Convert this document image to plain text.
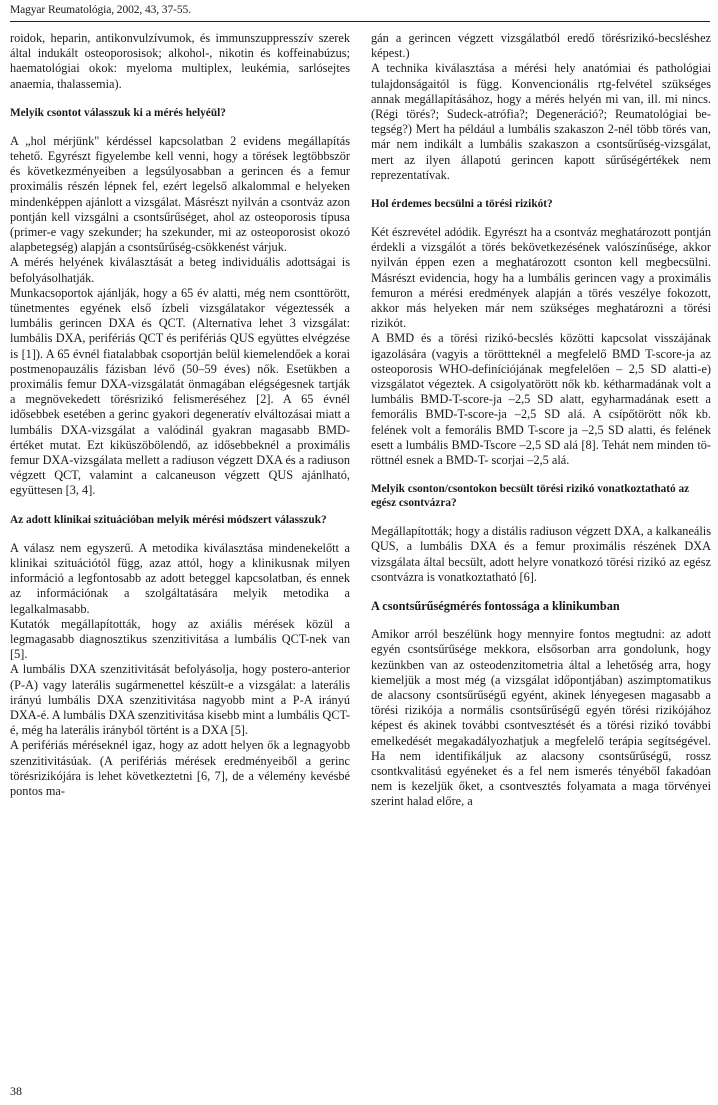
Magyar Reumatológia, 2002, 43, 37-55.

roidok, heparin, antikonvulzívumok, és immunszuppresszív szerek által indukált osteoporosisok; alkohol-, nikotin és koffeinabúzus; haematológiai okok: myeloma multiplex, leukémia, sarlósejtes anaemia, thalassemia).

Melyik csontot válasszuk ki a mérés helyéül?

A „hol mérjünk" kérdéssel kapcsolatban 2 evidens megállapítás tehető. Egyrészt figyelembe kell venni, hogy a törések legtöbbször és következményeiben a legsúlyosabban a gerincen és a femur proximális részén lépnek fel, ezért legelső alkalommal e helyeken mindenképpen ajánlott a vizsgálat. Másrészt nyilván a csontváz azon pontján kell vizsgálni a csontsűrűséget, ahol az osteoporosis típusa (primer-e vagy szekunder; ha szekunder, mi az osteoporosist okozó alapbetegség) alapján a csontsűrűség-csökkenést várjuk.

A mérés helyének kiválasztását a beteg individuális adottságai is befolyásolhatják.

Munkacsoportok ajánlják, hogy a 65 év alatti, még nem csonttörött, tünetmentes egyének első ízbeli vizsgálatakor végeztessék a lumbális gerincen DXA és QCT. (Alternatíva lehet 3 vizsgálat: lumbális DXA, perifériás QCT és perifériás QUS együttes elvégzése is [1]). A 65 évnél fiatalabbak csoportján belül kiemelendőek a korai postmenopauzális fázisban lévő (50–59 éves) nők. Esetükben a proximális femur DXA-vizsgálatát önmagában elégségesnek tartják a megnövekedett törésrizikó felismeréséhez [2]. A 65 évnél idősebbek esetében a gerinc gyakori degeneratív elváltozásai miatt a lumbális DXA-vizsgálat a valódinál gyakran magasabb BMD-értéket mutat. Ezt kiküszöbölendő, az idősebbeknél a proximális femur DXA-vizsgálata mellett a radiuson végzett DXA és a radiuson végzett QCT, valamint a calcaneuson végzett QUS ajánlható, együttesen [3, 4].

Az adott klinikai szituációban melyik mérési módszert válasszuk?

A válasz nem egyszerű. A metodika kiválasztása mindenekelőtt a klinikai szituációtól függ, azaz attól, hogy a klinikusnak milyen információ a legfontosabb az adott beteggel kapcsolatban, és ennek az információnak a szolgáltatására melyik metodika a legalkalmasabb.

Kutatók megállapították, hogy az axiális mérések közül a legmagasabb diagnosztikus szenzitivitása a lumbális QCT-nek van [5].

A lumbális DXA szenzitivitását befolyásolja, hogy postero-anterior (P-A) vagy laterális sugármenettel készült-e a vizsgálat: a laterális irányú lumbális DXA szenzitivitása nagyobb mint a P-A irányú DXA-é. A lumbális DXA szenzitivitása kisebb mint a lumbális QCT-é, még ha laterális irányból történt is a DXA [5].

A perifériás méréseknél igaz, hogy az adott helyen ők a legnagyobb szenzitivitásúak. (A perifériás mérések eredményeiből a gerinc törésrizikójára is lehet következtetni [6, 7], de a vélemény kevésbé pontos ma-

gán a gerincen végzett vizsgálatból eredő törésrizikó-becsléshez képest.)

A technika kiválasztása a mérési hely anatómiai és pathológiai tulajdonságaitól is függ. Konvencionális rtg-felvétel szükséges annak megállapításához, hogy a mérés helyén mi van, ill. mi nincs. (Régi törés?; Sudeck-atrófia?; Degeneráció?; Reumatológiai betegség?) Mert ha például a lumbális szakaszon 2-nél több törés van, már nem indikált a lumbális szakaszon a csontsűrűség-vizsgálat, mert az ilyen állapotú gerincen kapott sűrűségértékek nem reprezentatívak.

Hol érdemes becsülni a törési rizikót?

Két észrevétel adódik. Egyrészt ha a csontváz meghatározott pontján érdekli a vizsgálót a törés bekövetkezésének valószínűsége, akkor nyilván éppen ezen a meghatározott csonton kell megbecsülni. Másrészt evidencia, hogy ha a lumbális gerincen vagy a proximális femuron a mérési eredmények alapján a törés veszélye fokozott, akkor más helyeken már nem szükséges meghatározni a törési rizikót.

A BMD és a törési rizikó-becslés közötti kapcsolat visszájának igazolására (vagyis a töröttteknél a megfelelő BMD T-score-ja az osteoporosis WHO-definíciójának megfelelően – 2,5 SD alatti-e) vizsgálatot végeztek. A csigolyatörött nők kb. kétharmadának volt a lumbális BMD-T-score-ja –2,5 SD alatt, egyharmadának esett a femorális BMD-T-score-ja –2,5 SD alá. A csípőtörött nők kb. felének volt a femorális BMD T-score ja –2,5 SD alatti, és felének esett a lumbális BMD-Tscore –2,5 SD alá [8]. Tehát nem minden töröttnél esnek a BMD-T- scorjai –2,5 alá.

Melyik csonton/csontokon becsült törési rizikó vonatkoztatható az egész csontvázra?

Megállapították; hogy a distális radiuson végzett DXA, a kalkaneális QUS, a lumbális DXA és a femur proximális részének DXA vizsgálata által becsült, adott helyre vonatkozó törési rizikó az egész csontvázra is vonatkoztatható [6].

A csontsűrűségmérés fontossága a klinikumban

Amikor arról beszélünk hogy mennyire fontos megtudni: az adott egyén csontsűrűsége mekkora, elsősorban arra gondolunk, hogy kezünkben van az osteodenzitometria által a lehetőség arra, hogy kiemeljük a most még (a vizsgálat időpontjában) aszimptomatikus de alacsony csontsűrűségű egyént, akinek lényegesen magasabb a törési rizikója a normális csontsűrűségű egyén törési rizikójához képest és akinek további csontvesztését és a törési rizikó további emelkedését megakadályozhatjuk a megfelelő terápia segítségével. Ha nem identifikáljuk az alacsony csontsűrűségű, rossz csontkvalitású egyéneket és a fel nem ismerés tényéből fakadóan nem is kezeljük őket, a csontvesztés folyamata a maga törvényei szerint halad előre, a

38
